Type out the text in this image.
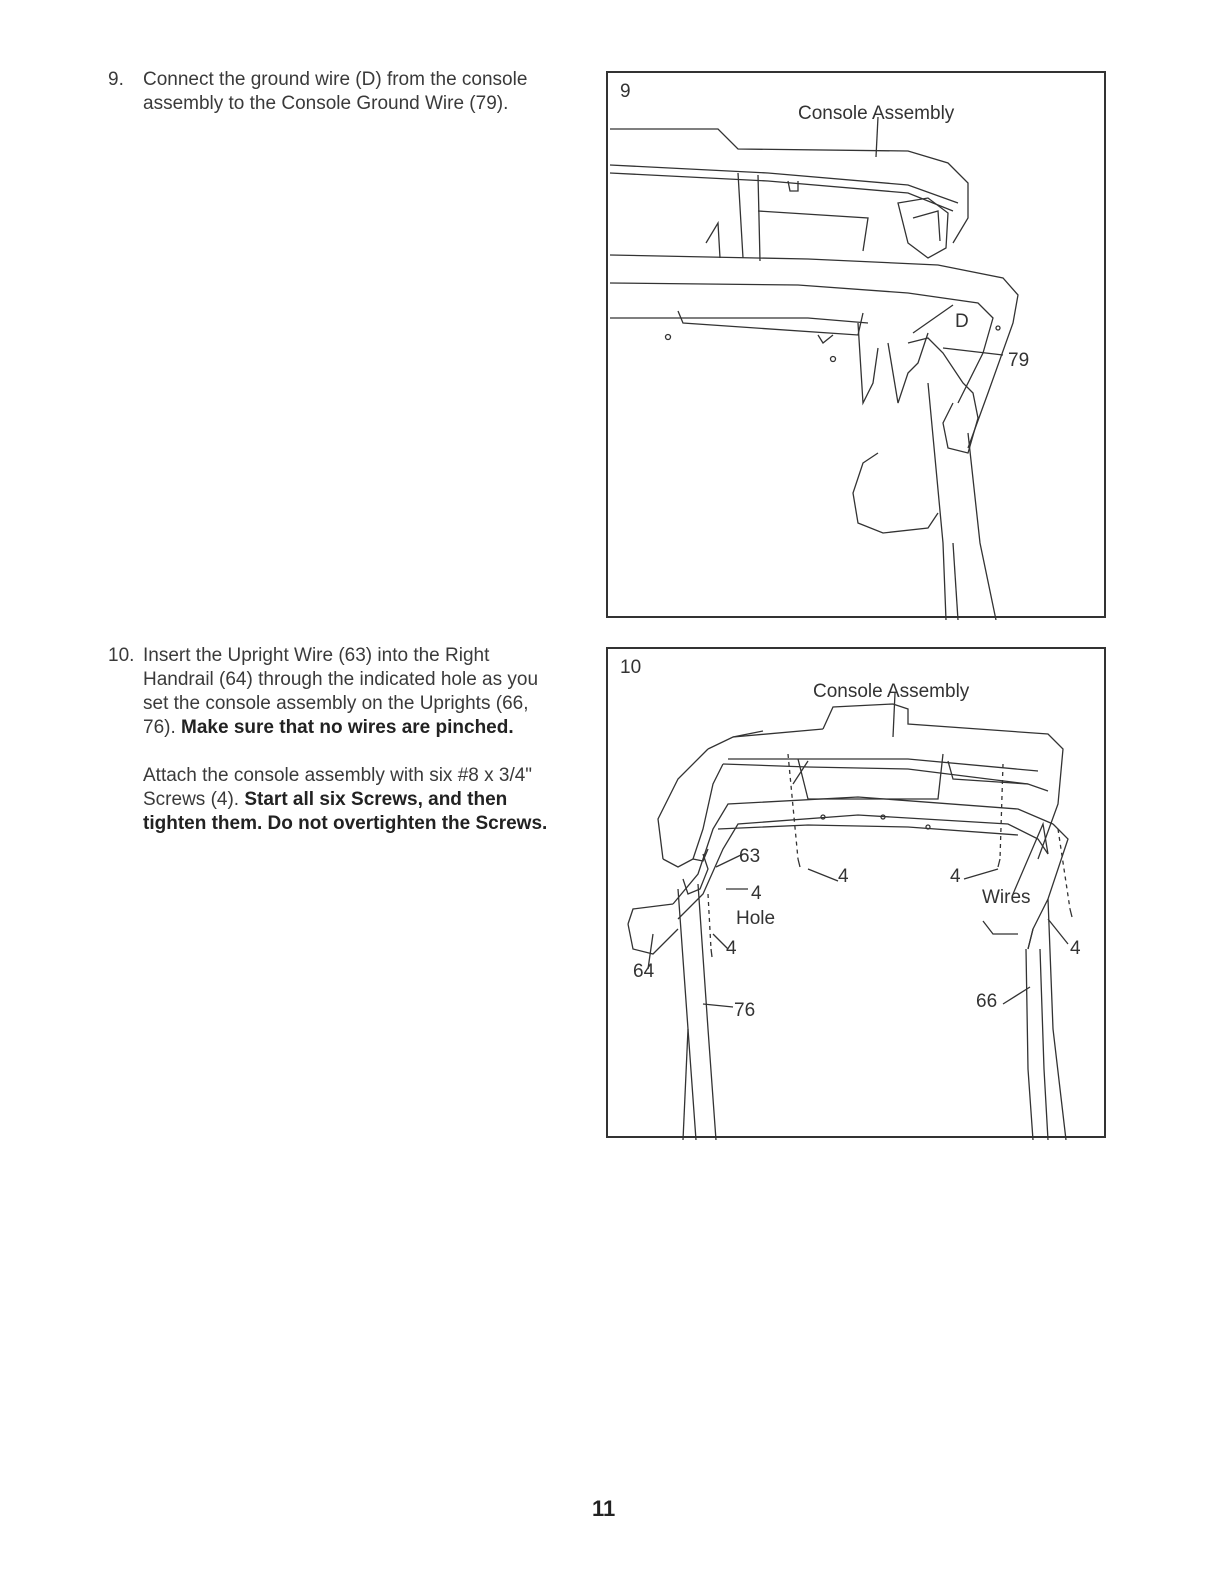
9. Connect the ground wire (D) from the console assembly to the Console Ground Wire (79).
9
Console Assembly
D
79
10. Insert the Upright Wire (63) into the Right Handrail (64) through the indicated hole as you set the console assembly on the Uprights (66, 76). Make sure that no wires are pinched.

Attach the console assembly with six #8 x 3/4" Screws (4). Start all six Screws, and then tighten them. Do not overtighten the Screws.

10
Console Assembly
63
4
Hole
4
4	4
Wires
4
64
76	66
11
